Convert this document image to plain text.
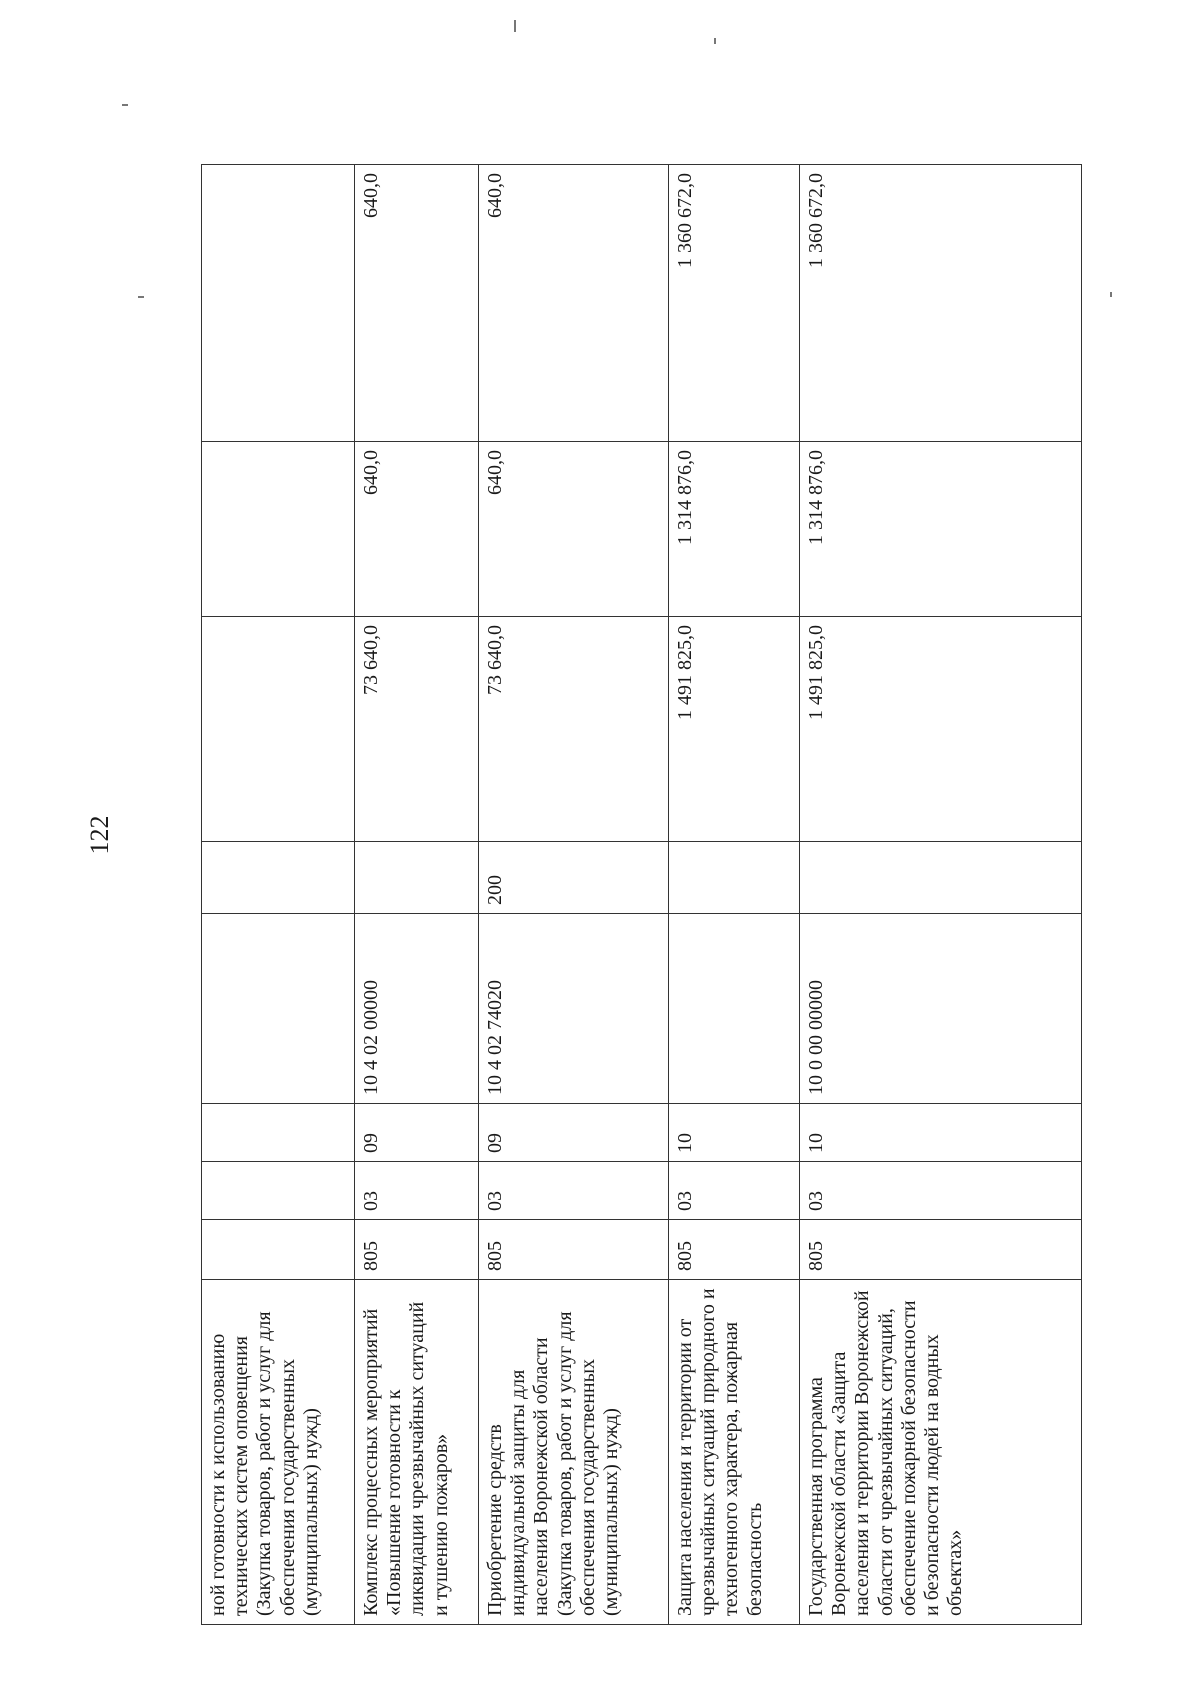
122
ной готовности к использованию технических систем оповещения (Закупка товаров, работ и услуг для обеспечения государственных (муниципальных) нужд)								
Комплекс процессных мероприятий «Повышение готовности к ликвидации чрезвычайных ситуаций и тушению пожаров»	805	03	09	10 4 02 00000		73 640,0	640,0	640,0
Приобретение средств индивидуальной защиты для населения Воронежской области (Закупка товаров, работ и услуг для обеспечения государственных (муниципальных) нужд)	805	03	09	10 4 02 74020	200	73 640,0	640,0	640,0
Защита населения и территории от чрезвычайных ситуаций природного и техногенного характера, пожарная безопасность	805	03	10			1 491 825,0	1 314 876,0	1 360 672,0
Государственная программа Воронежской области «Защита населения и территории Воронежской области от чрезвычайных ситуаций, обеспечение пожарной безопасности и безопасности людей на водных объектах»	805	03	10	10 0 00 00000		1 491 825,0	1 314 876,0	1 360 672,0
